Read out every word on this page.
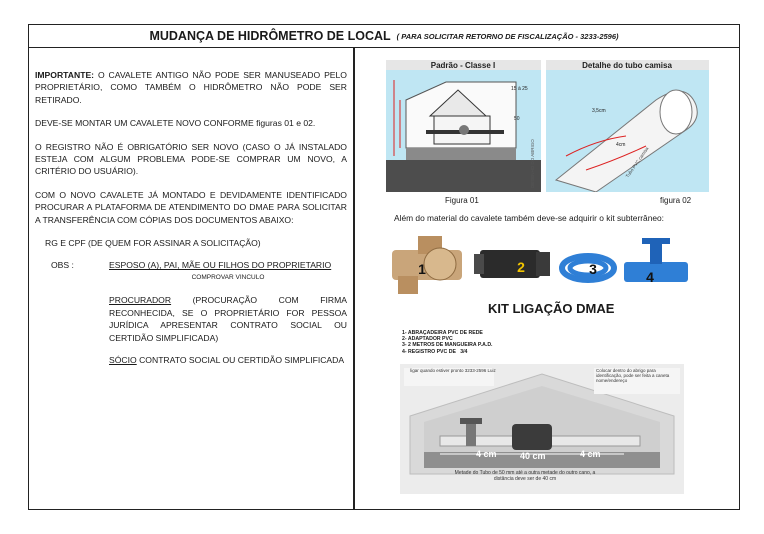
MUDANÇA DE HIDRÔMETRO DE LOCAL ( PARA SOLICITAR RETORNO DE FISCALIZAÇÃO - 3233-2596)

IMPORTANTE: O CAVALETE ANTIGO NÃO PODE SER MANUSEADO PELO PROPRIETÁRIO, COMO TAMBÉM O HIDRÔMETRO NÃO PODE SER RETIRADO.

DEVE-SE MONTAR UM CAVALETE NOVO CONFORME figuras 01 e 02.

O REGISTRO NÃO É OBRIGATÓRIO SER NOVO (CASO O JÁ INSTALADO ESTEJA COM ALGUM PROBLEMA PODE-SE COMPRAR UM NOVO, A CRITÉRIO DO USUÁRIO).

COM O NOVO CAVALETE JÁ MONTADO E DEVIDAMENTE IDENTIFICADO PROCURAR A PLATAFORMA DE ATENDIMENTO DO DMAE PARA SOLICITAR A TRANSFERÊNCIA COM CÓPIAS DOS DOCUMENTOS ABAIXO:

RG E CPF (DE QUEM FOR ASSINAR A SOLICITAÇÃO)

OBS :	ESPOSO (A), PAI, MÃE OU FILHOS DO PROPRIETARIO
COMPROVAR VINCULO
PROCURADOR (PROCURAÇÃO COM FIRMA RECONHECIDA, SE O PROPRIETÁRIO FOR PESSOA JURÍDICA APRESENTAR CONTRATO SOCIAL OU CERTIDÃO SIMPLIFICADA)
SÓCIO CONTRATO SOCIAL OU CERTIDÃO SIMPLIFICADA
Padrão - Classe I
15 à 25
50
DESENHO DO ABRIGO
Figura 01
Detalhe do tubo camisa
3,5cm
4cm
Tubo PVC camisa
figura 02
Além do material do cavalete também deve-se adquirir o kit subterrâneo:
1	2	3	4
KIT LIGAÇÃO DMAE
1- ABRAÇADEIRA PVC DE REDE
2- ADAPTADOR PVC
3- 2 METROS DE MANGUEIRA P.A.D.
4- REGISTRO PVC DE 3/4
ligar quando estiver pronto 3233-2596 Luiz	Colocar dentro do abrigo para identificação, pode ser feita a caneta nome/endereço
4 cm	40 cm	4 cm
Metade do Tubo de 50 mm até a outra metade do outro cano, a distância deve ser de 40 cm
